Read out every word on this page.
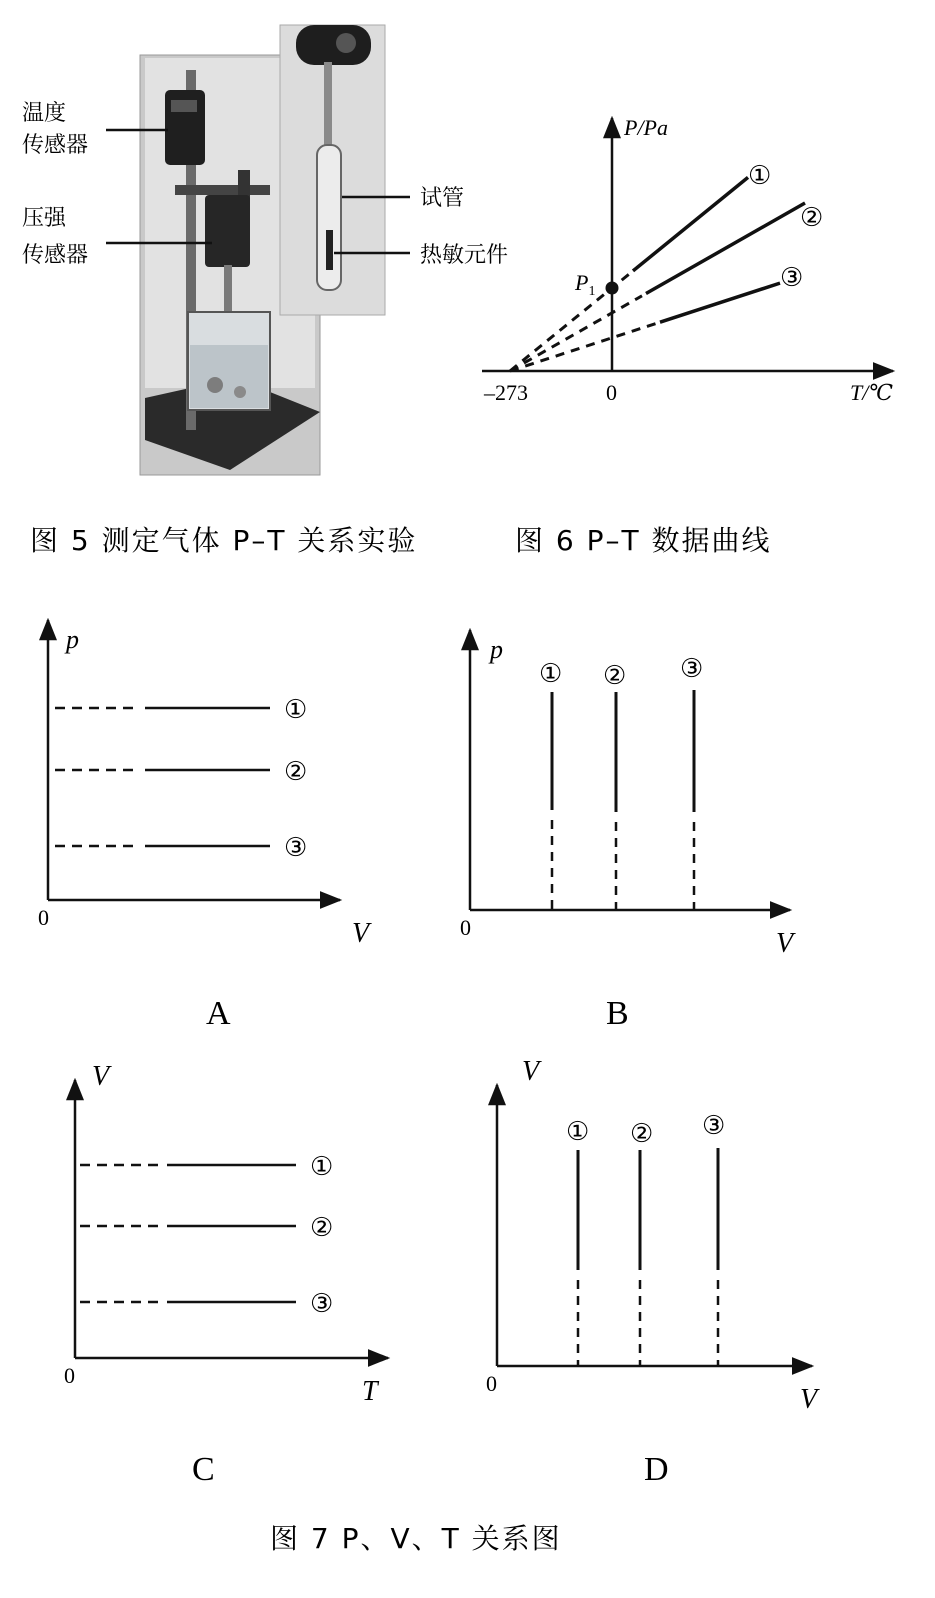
温度
传感器
压强
传感器
试管
热敏元件
P/Pa
T/℃
0
–273
$P_1$
①
②
③
图 5 测定气体 P–T 关系实验	图 6 P–T 数据曲线
p
V
0
①
②
③
A
p
V
0
① ② ③
B
V
T
0
①
②
③
C
V
V
0
① ② ③
D
图 7 P、V、T 关系图
